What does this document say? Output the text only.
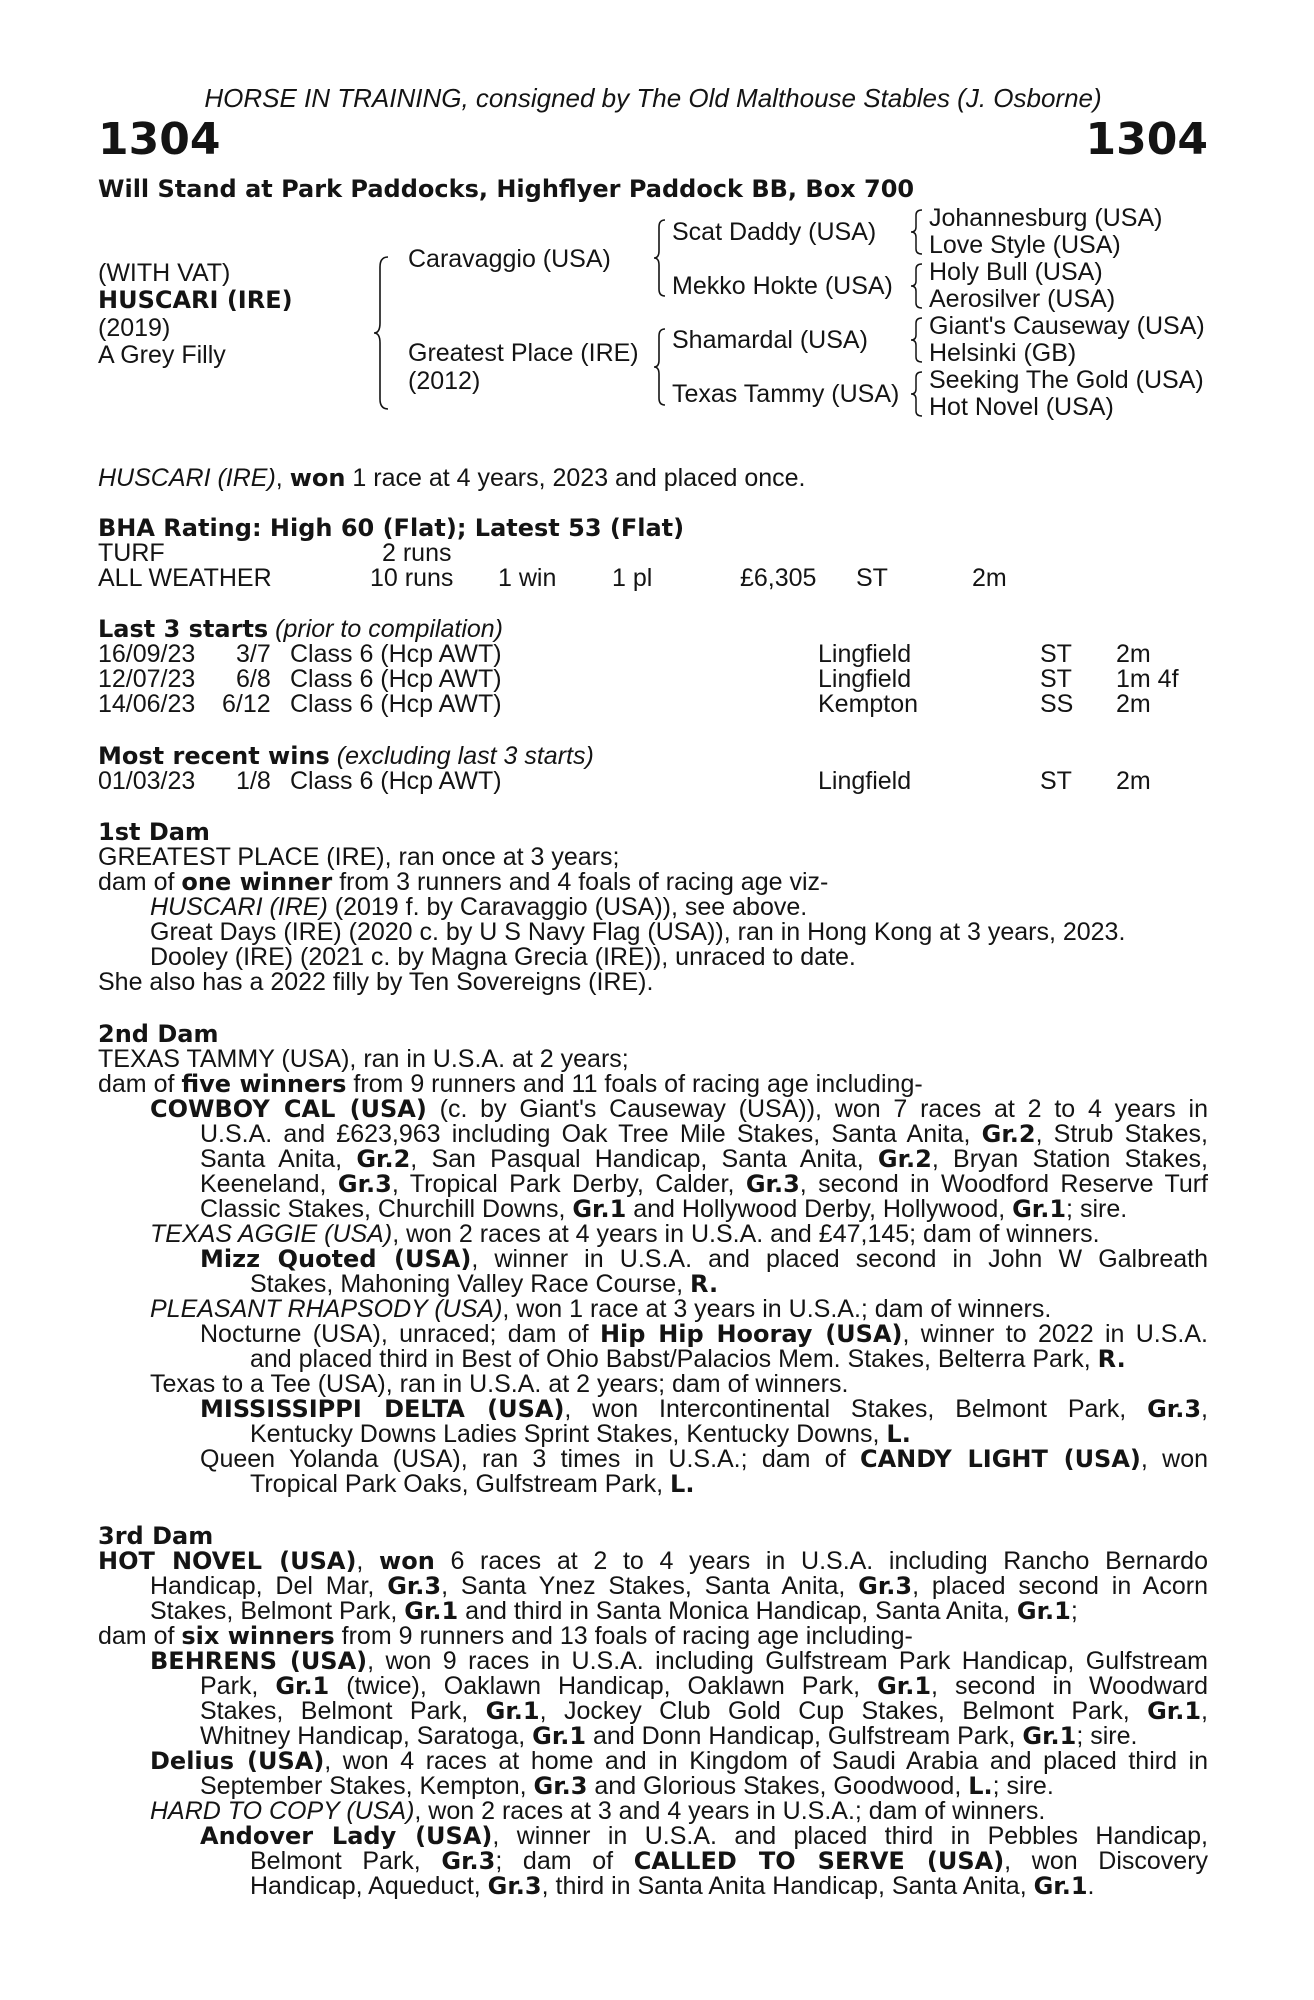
HORSE IN TRAINING, consigned by The Old Malthouse Stables (J. Osborne)
1304	1304
Will Stand at Park Paddocks, Highflyer Paddock BB, Box 700
(WITH VAT)
HUSCARI (IRE)
(2019)
A Grey Filly
Caravaggio (USA)
Greatest Place (IRE)
(2012)
Scat Daddy (USA)
Mekko Hokte (USA)
Shamardal (USA)
Texas Tammy (USA)
Johannesburg (USA)
Love Style (USA)
Holy Bull (USA)
Aerosilver (USA)
Giant's Causeway (USA)
Helsinki (GB)
Seeking The Gold (USA)
Hot Novel (USA)
HUSCARI (IRE), won 1 race at 4 years, 2023 and placed once.
BHA Rating: High 60 (Flat); Latest 53 (Flat)
TURF	2 runs
ALL WEATHER	10 runs 1 win 1 pl	£6,305 ST	2m
Last 3 starts (prior to compilation)
16/09/23 3/7 Class 6 (Hcp AWT)	Lingfield	ST 2m
12/07/23 6/8 Class 6 (Hcp AWT)	Lingfield	ST 1m 4f
14/06/23 6/12 Class 6 (Hcp AWT)	Kempton	SS 2m
Most recent wins (excluding last 3 starts)
01/03/23 1/8 Class 6 (Hcp AWT)	Lingfield	ST 2m
1st Dam
GREATEST PLACE (IRE), ran once at 3 years;
dam of one winner from 3 runners and 4 foals of racing age viz-
HUSCARI (IRE) (2019 f. by Caravaggio (USA)), see above.
Great Days (IRE) (2020 c. by U S Navy Flag (USA)), ran in Hong Kong at 3 years, 2023.
Dooley (IRE) (2021 c. by Magna Grecia (IRE)), unraced to date.
She also has a 2022 filly by Ten Sovereigns (IRE).
2nd Dam
TEXAS TAMMY (USA), ran in U.S.A. at 2 years;
dam of five winners from 9 runners and 11 foals of racing age including-
COWBOY CAL (USA) (c. by Giant's Causeway (USA)), won 7 races at 2 to 4 years in
U.S.A. and £623,963 including Oak Tree Mile Stakes, Santa Anita, Gr.2, Strub Stakes,
Santa Anita, Gr.2, San Pasqual Handicap, Santa Anita, Gr.2, Bryan Station Stakes,
Keeneland, Gr.3, Tropical Park Derby, Calder, Gr.3, second in Woodford Reserve Turf
Classic Stakes, Churchill Downs, Gr.1 and Hollywood Derby, Hollywood, Gr.1; sire.
TEXAS AGGIE (USA), won 2 races at 4 years in U.S.A. and £47,145; dam of winners.
Mizz Quoted (USA), winner in U.S.A. and placed second in John W Galbreath
Stakes, Mahoning Valley Race Course, R.
PLEASANT RHAPSODY (USA), won 1 race at 3 years in U.S.A.; dam of winners.
Nocturne (USA), unraced; dam of Hip Hip Hooray (USA), winner to 2022 in U.S.A.
and placed third in Best of Ohio Babst/Palacios Mem. Stakes, Belterra Park, R.
Texas to a Tee (USA), ran in U.S.A. at 2 years; dam of winners.
MISSISSIPPI DELTA (USA), won Intercontinental Stakes, Belmont Park, Gr.3,
Kentucky Downs Ladies Sprint Stakes, Kentucky Downs, L.
Queen Yolanda (USA), ran 3 times in U.S.A.; dam of CANDY LIGHT (USA), won
Tropical Park Oaks, Gulfstream Park, L.
3rd Dam
HOT NOVEL (USA), won 6 races at 2 to 4 years in U.S.A. including Rancho Bernardo
Handicap, Del Mar, Gr.3, Santa Ynez Stakes, Santa Anita, Gr.3, placed second in Acorn
Stakes, Belmont Park, Gr.1 and third in Santa Monica Handicap, Santa Anita, Gr.1;
dam of six winners from 9 runners and 13 foals of racing age including-
BEHRENS (USA), won 9 races in U.S.A. including Gulfstream Park Handicap, Gulfstream
Park, Gr.1 (twice), Oaklawn Handicap, Oaklawn Park, Gr.1, second in Woodward
Stakes, Belmont Park, Gr.1, Jockey Club Gold Cup Stakes, Belmont Park, Gr.1,
Whitney Handicap, Saratoga, Gr.1 and Donn Handicap, Gulfstream Park, Gr.1; sire.
Delius (USA), won 4 races at home and in Kingdom of Saudi Arabia and placed third in
September Stakes, Kempton, Gr.3 and Glorious Stakes, Goodwood, L.; sire.
HARD TO COPY (USA), won 2 races at 3 and 4 years in U.S.A.; dam of winners.
Andover Lady (USA), winner in U.S.A. and placed third in Pebbles Handicap,
Belmont Park, Gr.3; dam of CALLED TO SERVE (USA), won Discovery
Handicap, Aqueduct, Gr.3, third in Santa Anita Handicap, Santa Anita, Gr.1.
